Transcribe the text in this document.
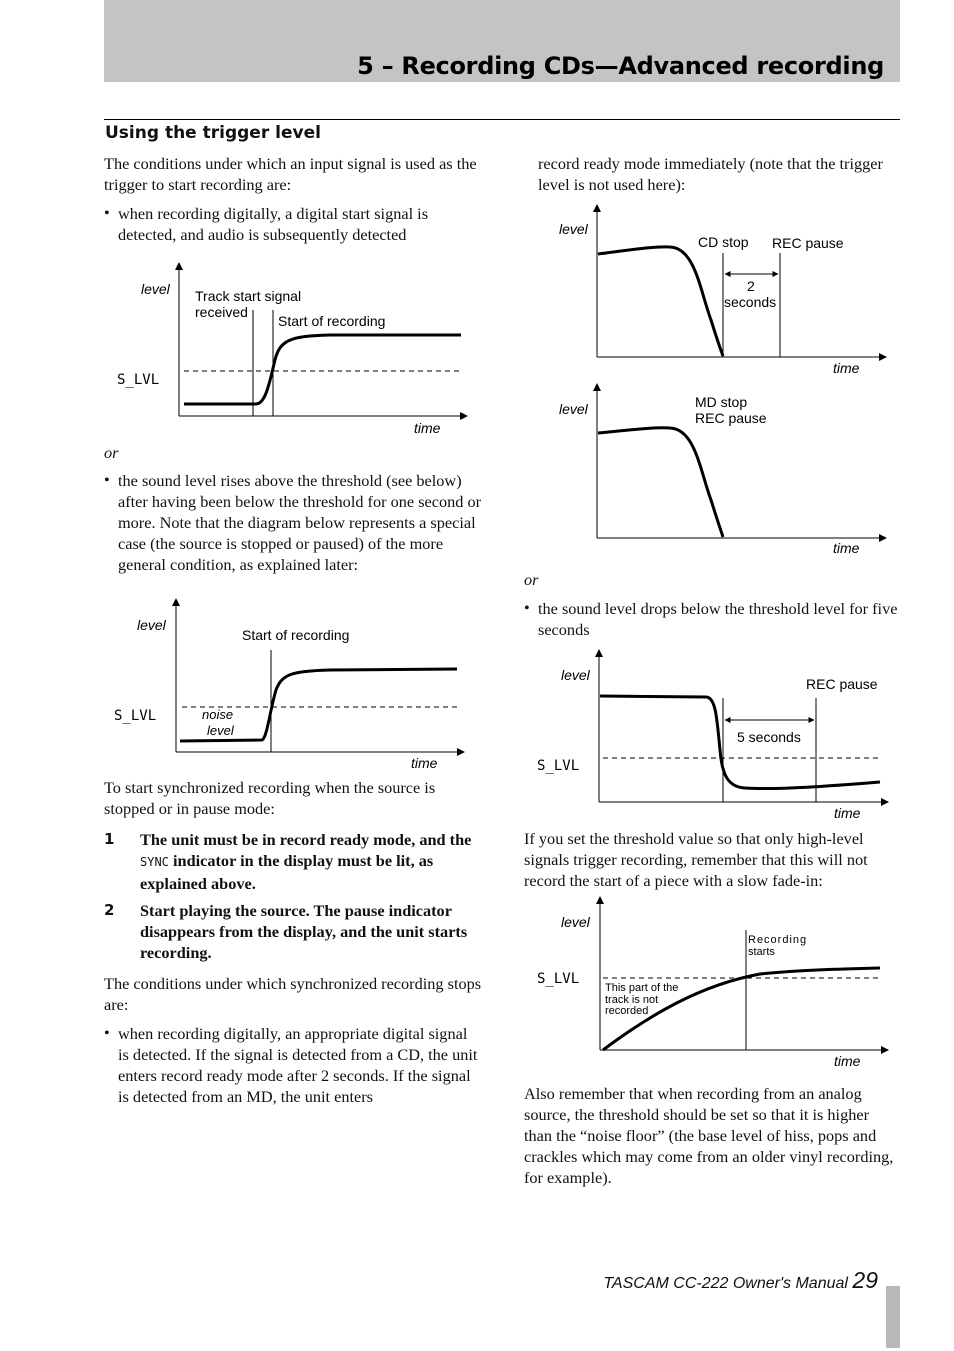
5 – Recording CDs—Advanced recording
Using the trigger level
The conditions under which an input signal is used as the trigger to start recording are:
• when recording digitally, a digital start signal is detected, and audio is subsequently detected
or
• the sound level rises above the threshold (see below) after having been below the threshold for one second or more. Note that the diagram below represents a special case (the source is stopped or paused) of the more general condition, as explained later:
To start synchronized recording when the source is stopped or in pause mode:
1 The unit must be in record ready mode, and the SYNC indicator in the display must be lit, as explained above.
2 Start playing the source. The pause indicator disappears from the display, and the unit starts recording.
The conditions under which synchronized recording stops are:
• when recording digitally, an appropriate digital signal is detected. If the signal is detected from a CD, the unit enters record ready mode after 2 seconds. If the signal is detected from an MD, the unit enters
record ready mode immediately (note that the trigger level is not used here):
or
• the sound level drops below the threshold level for five seconds
If you set the threshold value so that only high-level signals trigger recording, remember that this will not record the start of a piece with a slow fade-in:
Also remember that when recording from an analog source, the threshold should be set so that it is higher than the “noise floor” (the base level of hiss, pops and crackles which may come from an older vinyl recording, for example).
level
time
S_LVL
Track start signal
received
Start of recording
level
time
S_LVL
Start of recording
noise
level
level
time
CD stop REC pause
2
seconds
level
time
MD stop
REC pause
level
time
S_LVL
REC pause
5 seconds
level
time
S_LVL
Recording
starts
This part of the
track is not
recorded
TASCAM CC-222 Owner's Manual 29
